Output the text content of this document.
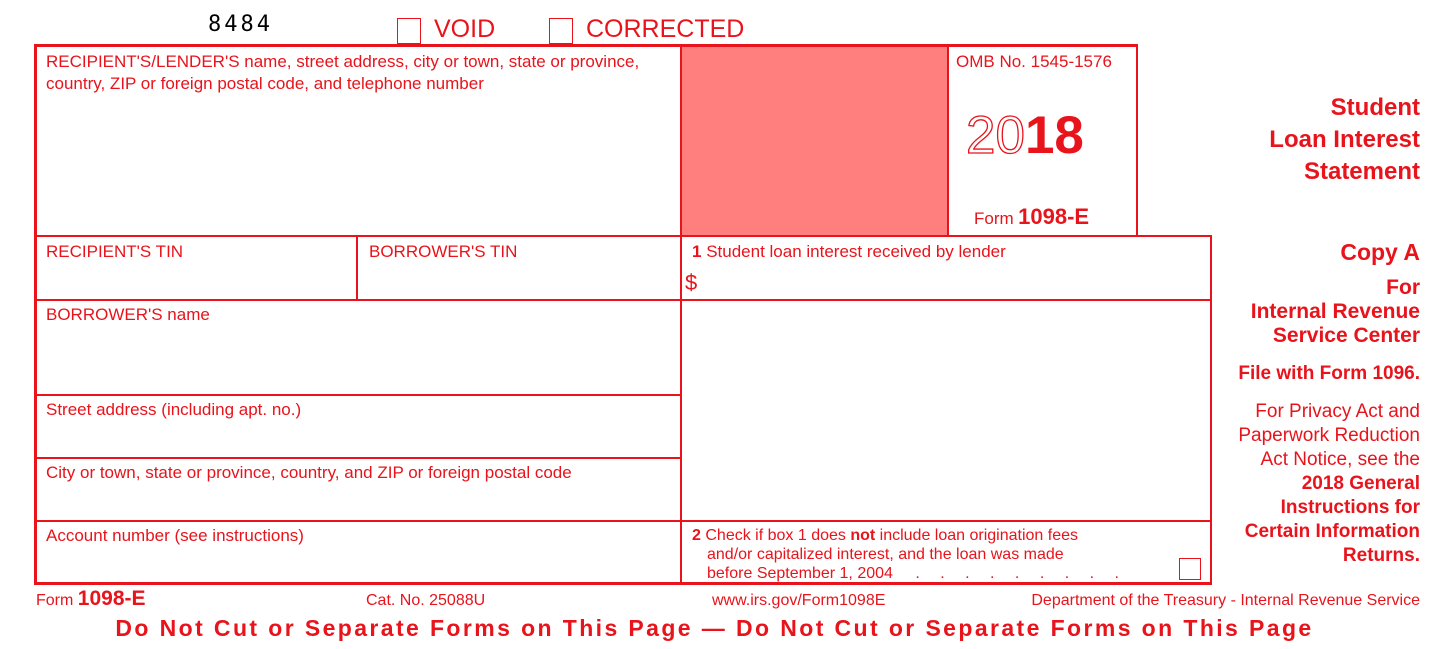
8484	VOID	CORRECTED
RECIPIENT'S/LENDER'S name, street address, city or town, state or province, country, ZIP or foreign postal code, and telephone number
OMB No. 1545-1576
2018
Form 1098-E
Student
Loan Interest
Statement
RECIPIENT'S TIN	BORROWER'S TIN	1 Student loan interest received by lender
$
BORROWER'S name
Street address (including apt. no.)
City or town, state or province, country, and ZIP or foreign postal code
Account number (see instructions)	2 Check if box 1 does not include loan origination fees
and/or capitalized interest, and the loan was made
before September 1, 2004 . . . . . . . . .
Copy A
For
Internal Revenue
Service Center
File with Form 1096.
For Privacy Act and
Paperwork Reduction
Act Notice, see the
2018 General
Instructions for
Certain Information
Returns.
Form 1098-E	Cat. No. 25088U	www.irs.gov/Form1098E	Department of the Treasury - Internal Revenue Service
Do Not Cut or Separate Forms on This Page — Do Not Cut or Separate Forms on This Page
